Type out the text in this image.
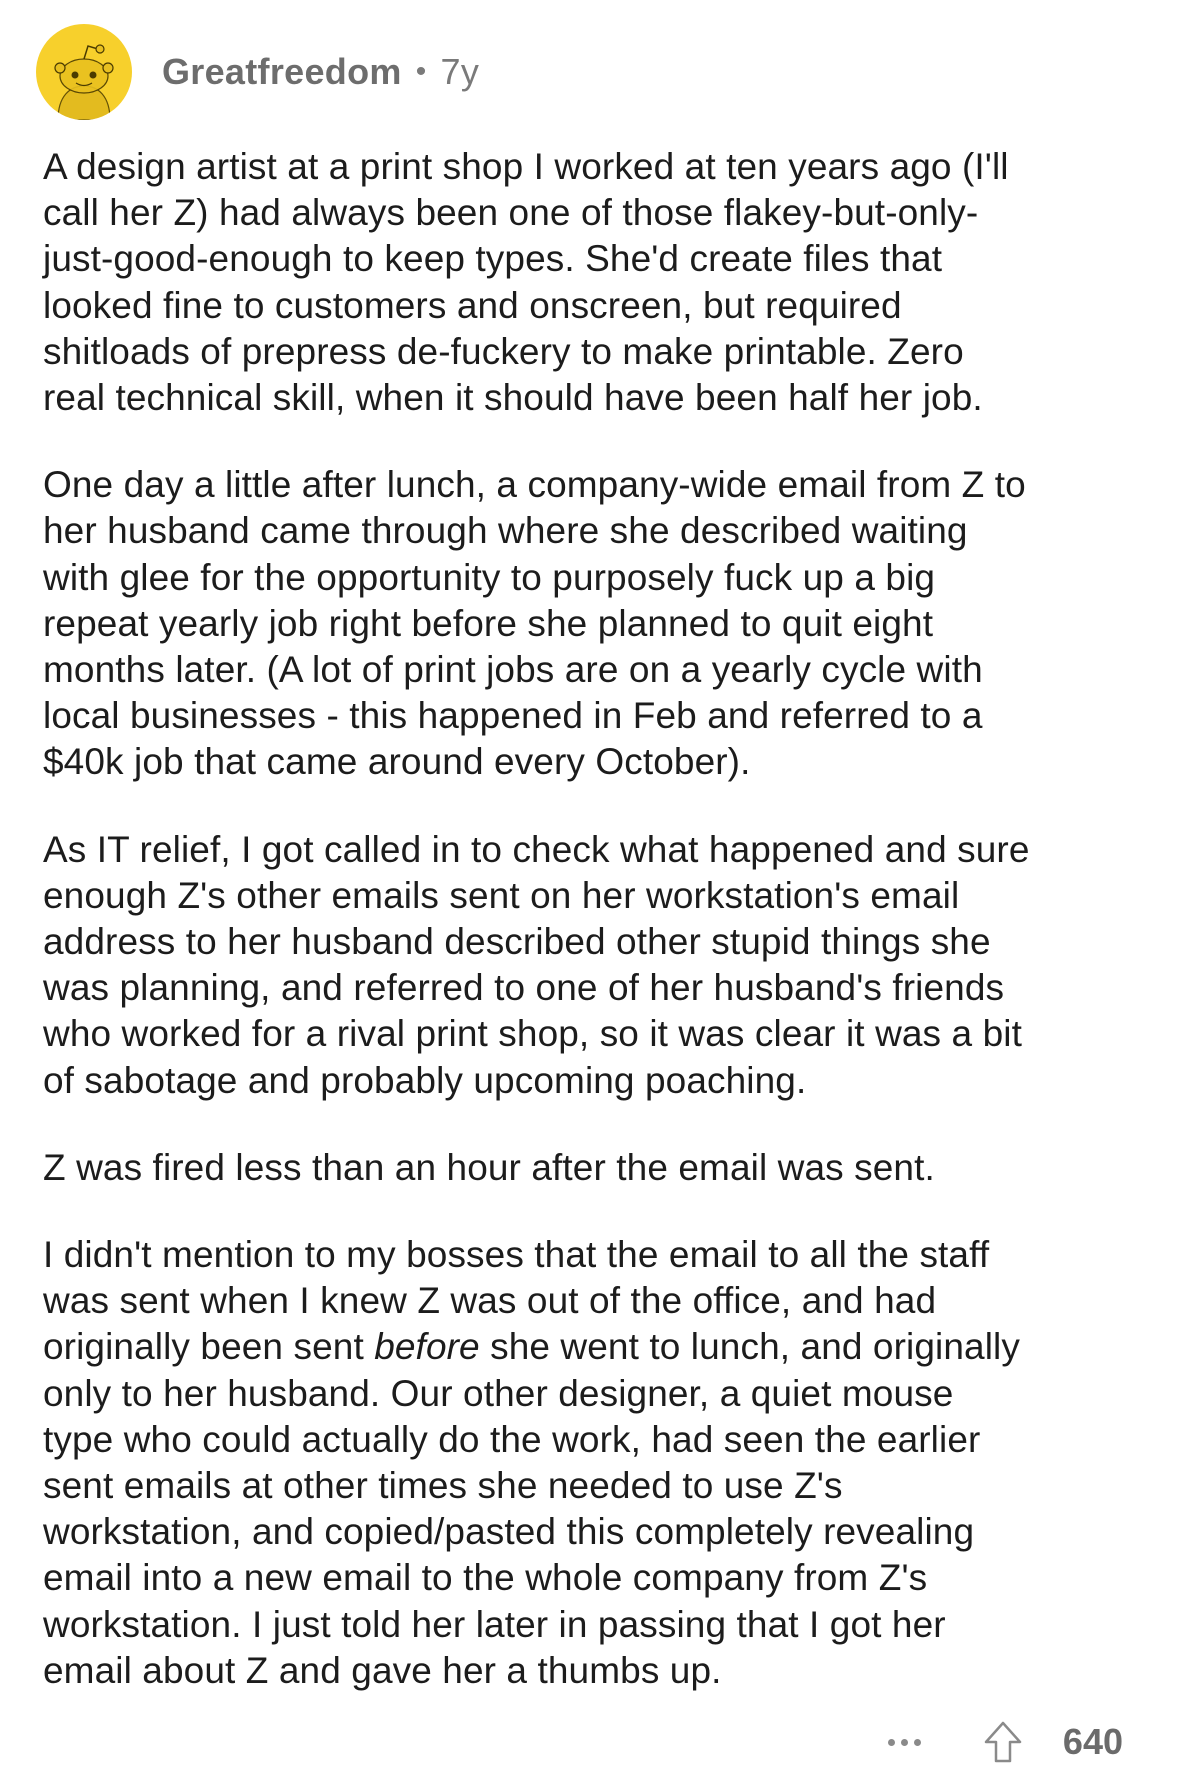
Greatfreedom • 7y

A design artist at a print shop I worked at ten years ago (I'll
call her Z) had always been one of those flakey-but-only-
just-good-enough to keep types. She'd create files that
looked fine to customers and onscreen, but required
shitloads of prepress de-fuckery to make printable. Zero
real technical skill, when it should have been half her job.

One day a little after lunch, a company-wide email from Z to
her husband came through where she described waiting
with glee for the opportunity to purposely fuck up a big
repeat yearly job right before she planned to quit eight
months later. (A lot of print jobs are on a yearly cycle with
local businesses - this happened in Feb and referred to a
$40k job that came around every October).

As IT relief, I got called in to check what happened and sure
enough Z's other emails sent on her workstation's email
address to her husband described other stupid things she
was planning, and referred to one of her husband's friends
who worked for a rival print shop, so it was clear it was a bit
of sabotage and probably upcoming poaching.

Z was fired less than an hour after the email was sent.

I didn't mention to my bosses that the email to all the staff
was sent when I knew Z was out of the office, and had
originally been sent before she went to lunch, and originally
only to her husband. Our other designer, a quiet mouse
type who could actually do the work, had seen the earlier
sent emails at other times she needed to use Z's
workstation, and copied/pasted this completely revealing
email into a new email to the whole company from Z's
workstation. I just told her later in passing that I got her
email about Z and gave her a thumbs up.

640
